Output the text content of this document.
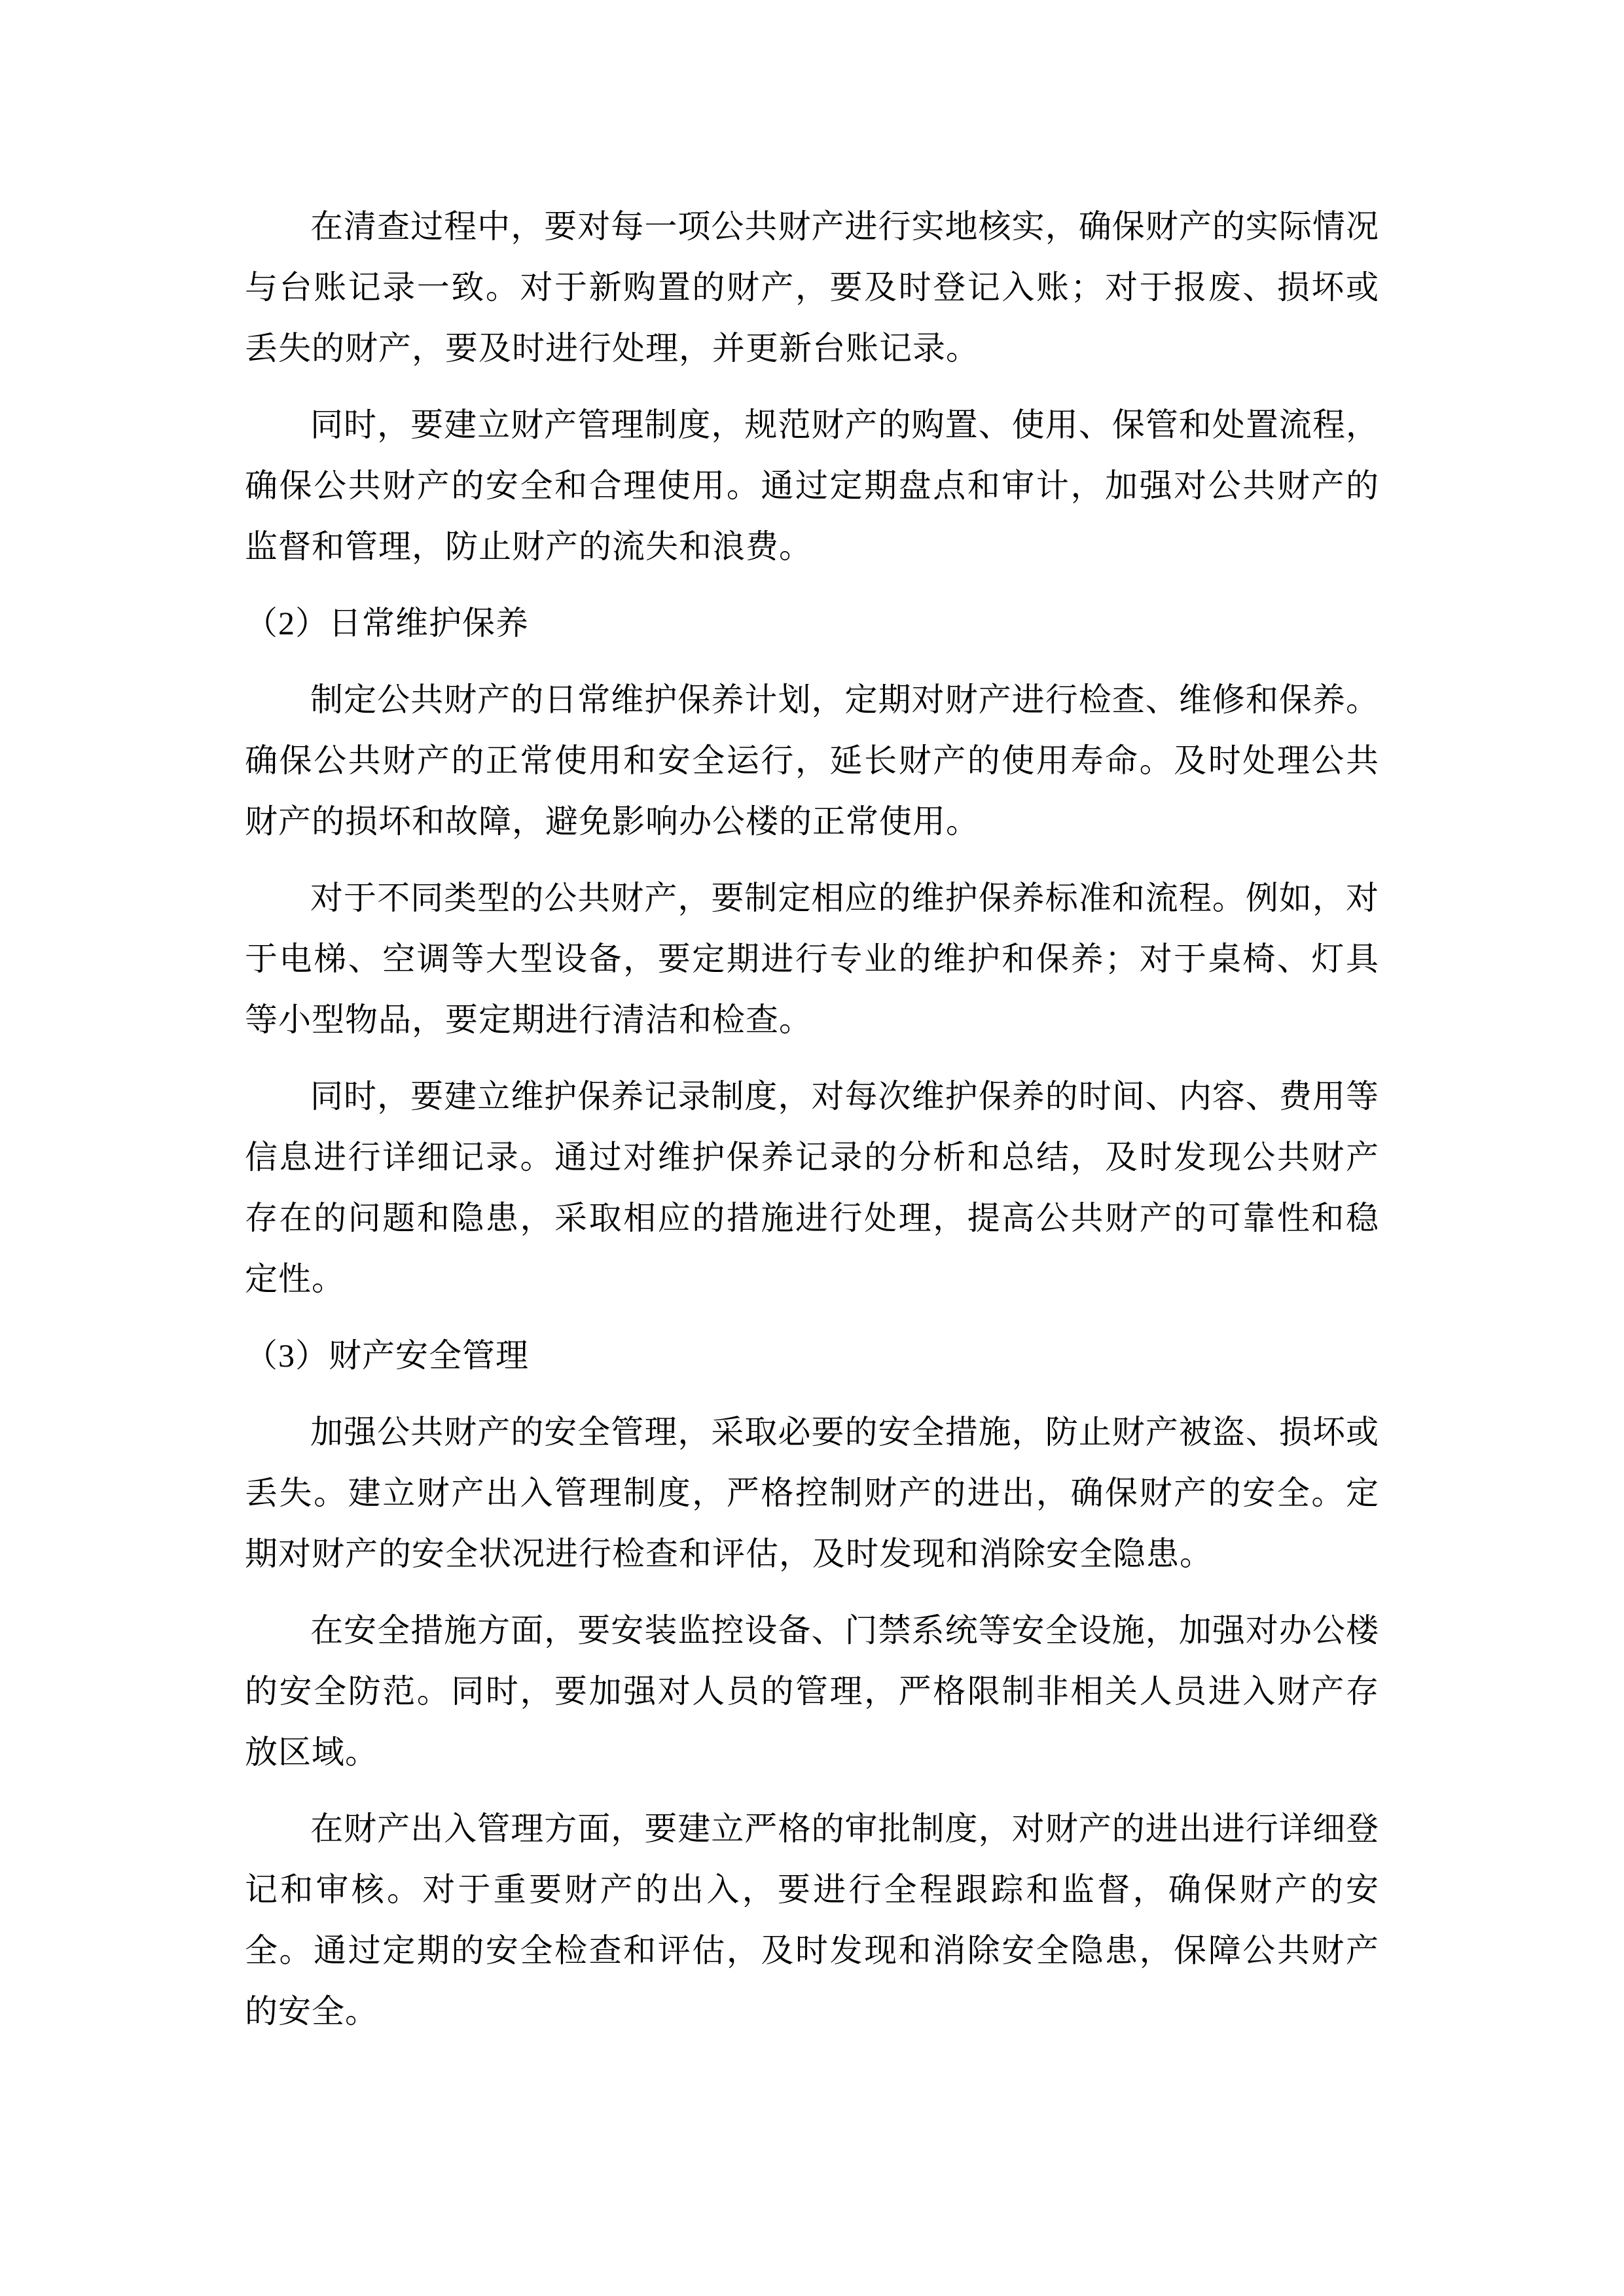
在清查过程中，要对每一项公共财产进行实地核实，确保财产的实际情况与台账记录一致。对于新购置的财产，要及时登记入账；对于报废、损坏或丢失的财产，要及时进行处理，并更新台账记录。

同时，要建立财产管理制度，规范财产的购置、使用、保管和处置流程，确保公共财产的安全和合理使用。通过定期盘点和审计，加强对公共财产的监督和管理，防止财产的流失和浪费。

（2）日常维护保养

制定公共财产的日常维护保养计划，定期对财产进行检查、维修和保养。确保公共财产的正常使用和安全运行，延长财产的使用寿命。及时处理公共财产的损坏和故障，避免影响办公楼的正常使用。

对于不同类型的公共财产，要制定相应的维护保养标准和流程。例如，对于电梯、空调等大型设备，要定期进行专业的维护和保养；对于桌椅、灯具等小型物品，要定期进行清洁和检查。

同时，要建立维护保养记录制度，对每次维护保养的时间、内容、费用等信息进行详细记录。通过对维护保养记录的分析和总结，及时发现公共财产存在的问题和隐患，采取相应的措施进行处理，提高公共财产的可靠性和稳定性。

（3）财产安全管理

加强公共财产的安全管理，采取必要的安全措施，防止财产被盗、损坏或丢失。建立财产出入管理制度，严格控制财产的进出，确保财产的安全。定期对财产的安全状况进行检查和评估，及时发现和消除安全隐患。

在安全措施方面，要安装监控设备、门禁系统等安全设施，加强对办公楼的安全防范。同时，要加强对人员的管理，严格限制非相关人员进入财产存放区域。

在财产出入管理方面，要建立严格的审批制度，对财产的进出进行详细登记和审核。对于重要财产的出入，要进行全程跟踪和监督，确保财产的安全。通过定期的安全检查和评估，及时发现和消除安全隐患，保障公共财产的安全。
